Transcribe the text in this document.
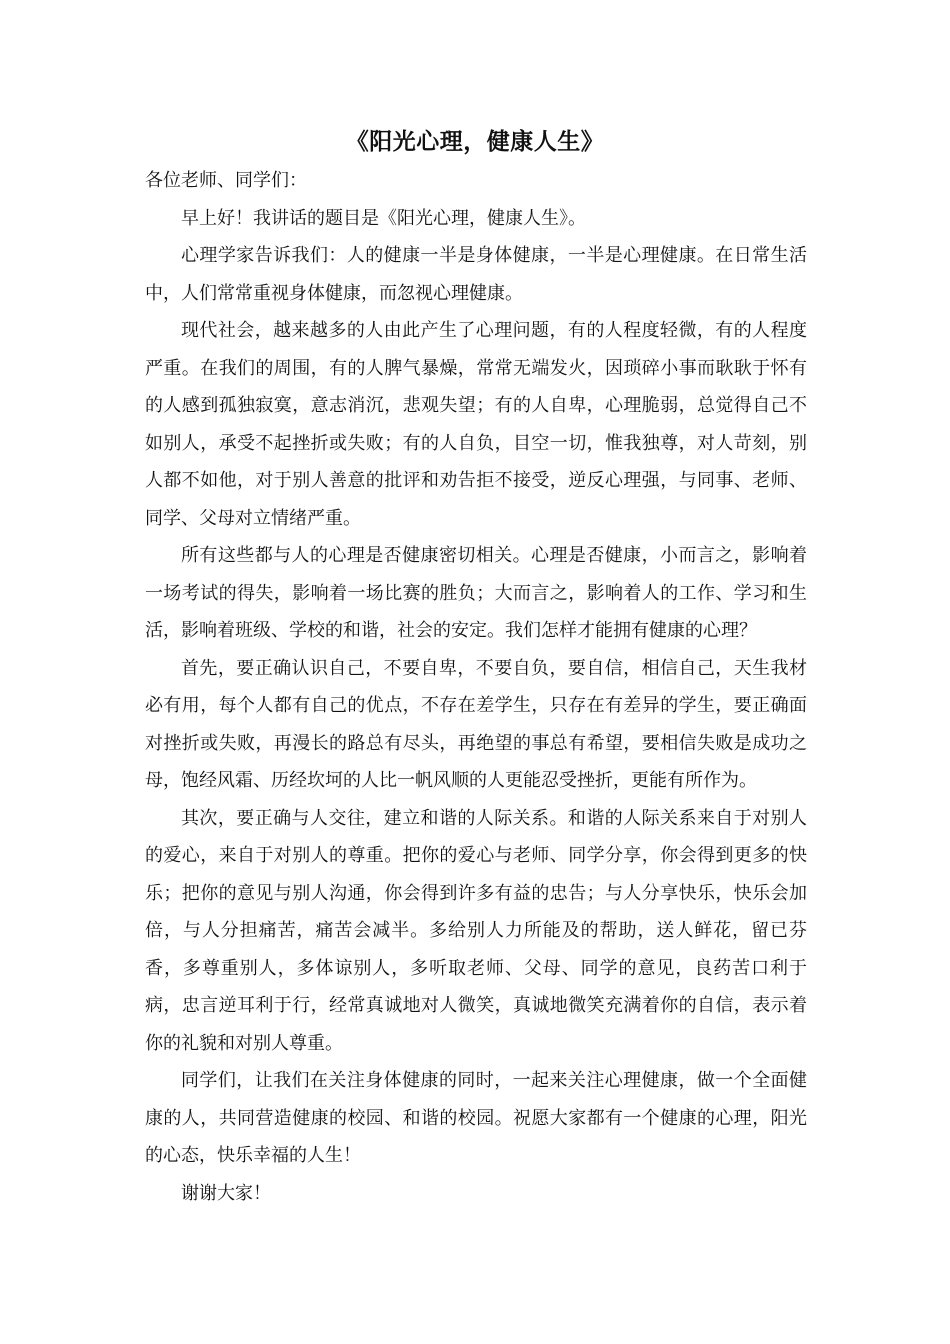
《阳光心理，健康人生》

各位老师、同学们：

早上好！我讲话的题目是《阳光心理，健康人生》。

心理学家告诉我们：人的健康一半是身体健康，一半是心理健康。在日常生活中，人们常常重视身体健康，而忽视心理健康。

现代社会，越来越多的人由此产生了心理问题，有的人程度轻微，有的人程度严重。在我们的周围，有的人脾气暴燥，常常无端发火，因琐碎小事而耿耿于怀有的人感到孤独寂寞，意志消沉，悲观失望；有的人自卑，心理脆弱，总觉得自己不如别人，承受不起挫折或失败；有的人自负，目空一切，惟我独尊，对人苛刻，别人都不如他，对于别人善意的批评和劝告拒不接受，逆反心理强，与同事、老师、同学、父母对立情绪严重。

所有这些都与人的心理是否健康密切相关。心理是否健康，小而言之，影响着一场考试的得失，影响着一场比赛的胜负；大而言之，影响着人的工作、学习和生活，影响着班级、学校的和谐，社会的安定。我们怎样才能拥有健康的心理？

首先，要正确认识自己，不要自卑，不要自负，要自信，相信自己，天生我材必有用，每个人都有自己的优点，不存在差学生，只存在有差异的学生，要正确面对挫折或失败，再漫长的路总有尽头，再绝望的事总有希望，要相信失败是成功之母，饱经风霜、历经坎坷的人比一帆风顺的人更能忍受挫折，更能有所作为。

其次，要正确与人交往，建立和谐的人际关系。和谐的人际关系来自于对别人的爱心，来自于对别人的尊重。把你的爱心与老师、同学分享，你会得到更多的快乐；把你的意见与别人沟通，你会得到许多有益的忠告；与人分享快乐，快乐会加倍，与人分担痛苦，痛苦会减半。多给别人力所能及的帮助，送人鲜花，留已芬香，多尊重别人，多体谅别人，多听取老师、父母、同学的意见，良药苦口利于病，忠言逆耳利于行，经常真诚地对人微笑，真诚地微笑充满着你的自信，表示着你的礼貌和对别人尊重。

同学们，让我们在关注身体健康的同时，一起来关注心理健康，做一个全面健康的人，共同营造健康的校园、和谐的校园。祝愿大家都有一个健康的心理，阳光的心态，快乐幸福的人生！

谢谢大家！
